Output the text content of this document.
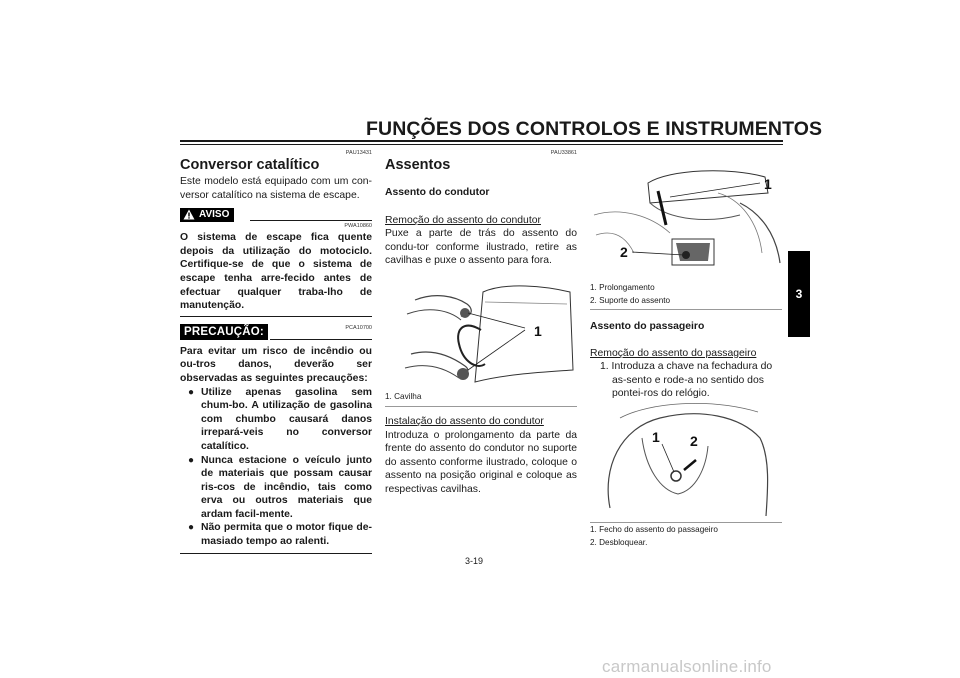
FUNÇÕES DOS CONTROLOS E INSTRUMENTOS
3
PAU13431
Conversor catalítico
Este modelo está equipado com um con-versor catalítico na sistema de escape.
AVISO
PWA10860
O sistema de escape fica quente depois da utilização do motociclo. Certifique-se de que o sistema de escape tenha arre-fecido antes de efectuar qualquer traba-lho de manutenção.
PCA10700
PRECAUÇÃO:
Para evitar um risco de incêndio ou ou-tros danos, deverão ser observadas as seguintes precauções:
● Utilize apenas gasolina sem chum-bo. A utilização de gasolina com chumbo causará danos irrepará-veis no conversor catalítico.
● Nunca estacione o veículo junto de materiais que possam causar ris-cos de incêndio, tais como erva ou outros materiais que ardam facil-mente.
● Não permita que o motor fique de-masiado tempo ao ralenti.
PAU33861
Assentos
Assento do condutor
Remoção do assento do condutor
Puxe a parte de trás do assento do condu-tor conforme ilustrado, retire as cavilhas e puxe o assento para fora.
1
1. Cavilha
Instalação do assento do condutor
Introduza o prolongamento da parte da frente do assento do condutor no suporte do assento conforme ilustrado, coloque o assento na posição original e coloque as respectivas cavilhas.
1
2
1. Prolongamento
2. Suporte do assento
Assento do passageiro
Remoção do assento do passageiro
1. Introduza a chave na fechadura do as-sento e rode-a no sentido dos pontei-ros do relógio.
1 2
1. Fecho do assento do passageiro
2. Desbloquear.
3-19
carmanualsonline.info
